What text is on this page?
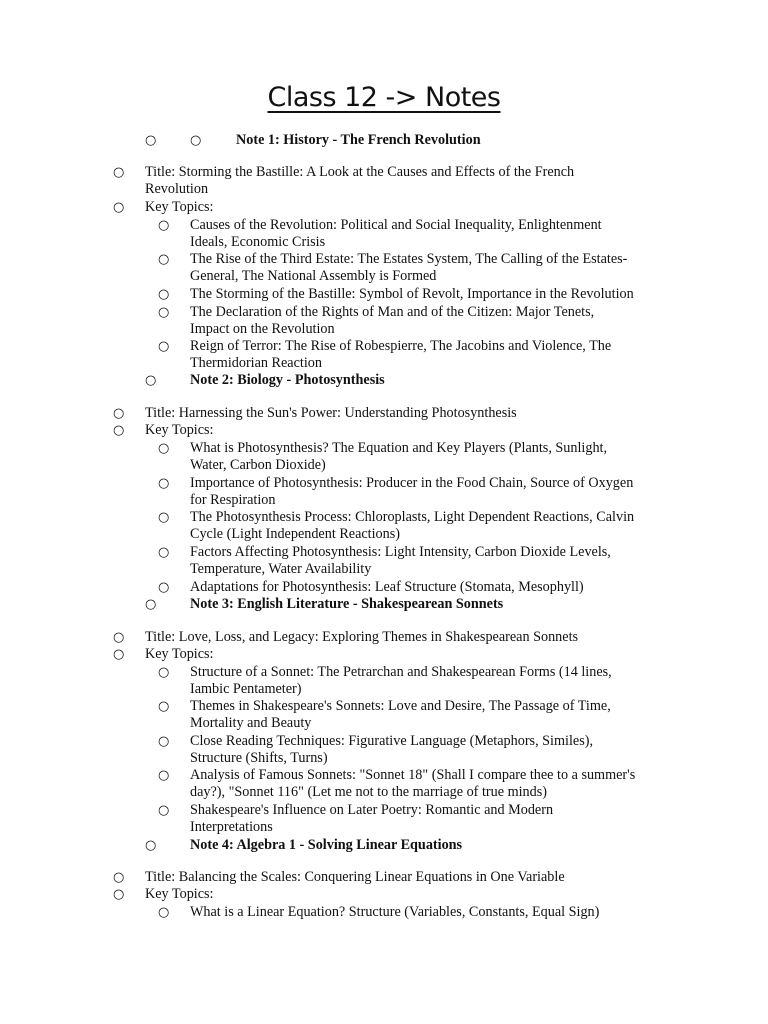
Class 12 -> Notes
○	○ Note 1: History - The French Revolution
○ Title: Storming the Bastille: A Look at the Causes and Effects of the French
Revolution
○ Key Topics:
○ Causes of the Revolution: Political and Social Inequality, Enlightenment
Ideals, Economic Crisis
○ The Rise of the Third Estate: The Estates System, The Calling of the Estates-
General, The National Assembly is Formed
○ The Storming of the Bastille: Symbol of Revolt, Importance in the Revolution
○ The Declaration of the Rights of Man and of the Citizen: Major Tenets,
Impact on the Revolution
○ Reign of Terror: The Rise of Robespierre, The Jacobins and Violence, The
Thermidorian Reaction
○ Note 2: Biology - Photosynthesis
○ Title: Harnessing the Sun's Power: Understanding Photosynthesis
○ Key Topics:
○ What is Photosynthesis? The Equation and Key Players (Plants, Sunlight,
Water, Carbon Dioxide)
○ Importance of Photosynthesis: Producer in the Food Chain, Source of Oxygen
for Respiration
○ The Photosynthesis Process: Chloroplasts, Light Dependent Reactions, Calvin
Cycle (Light Independent Reactions)
○ Factors Affecting Photosynthesis: Light Intensity, Carbon Dioxide Levels,
Temperature, Water Availability
○ Adaptations for Photosynthesis: Leaf Structure (Stomata, Mesophyll)
○ Note 3: English Literature - Shakespearean Sonnets
○ Title: Love, Loss, and Legacy: Exploring Themes in Shakespearean Sonnets
○ Key Topics:
○ Structure of a Sonnet: The Petrarchan and Shakespearean Forms (14 lines,
Iambic Pentameter)
○ Themes in Shakespeare's Sonnets: Love and Desire, The Passage of Time,
Mortality and Beauty
○ Close Reading Techniques: Figurative Language (Metaphors, Similes),
Structure (Shifts, Turns)
○ Analysis of Famous Sonnets: "Sonnet 18" (Shall I compare thee to a summer's
day?), "Sonnet 116" (Let me not to the marriage of true minds)
○ Shakespeare's Influence on Later Poetry: Romantic and Modern
Interpretations
○ Note 4: Algebra 1 - Solving Linear Equations
○ Title: Balancing the Scales: Conquering Linear Equations in One Variable
○ Key Topics:
○ What is a Linear Equation? Structure (Variables, Constants, Equal Sign)
